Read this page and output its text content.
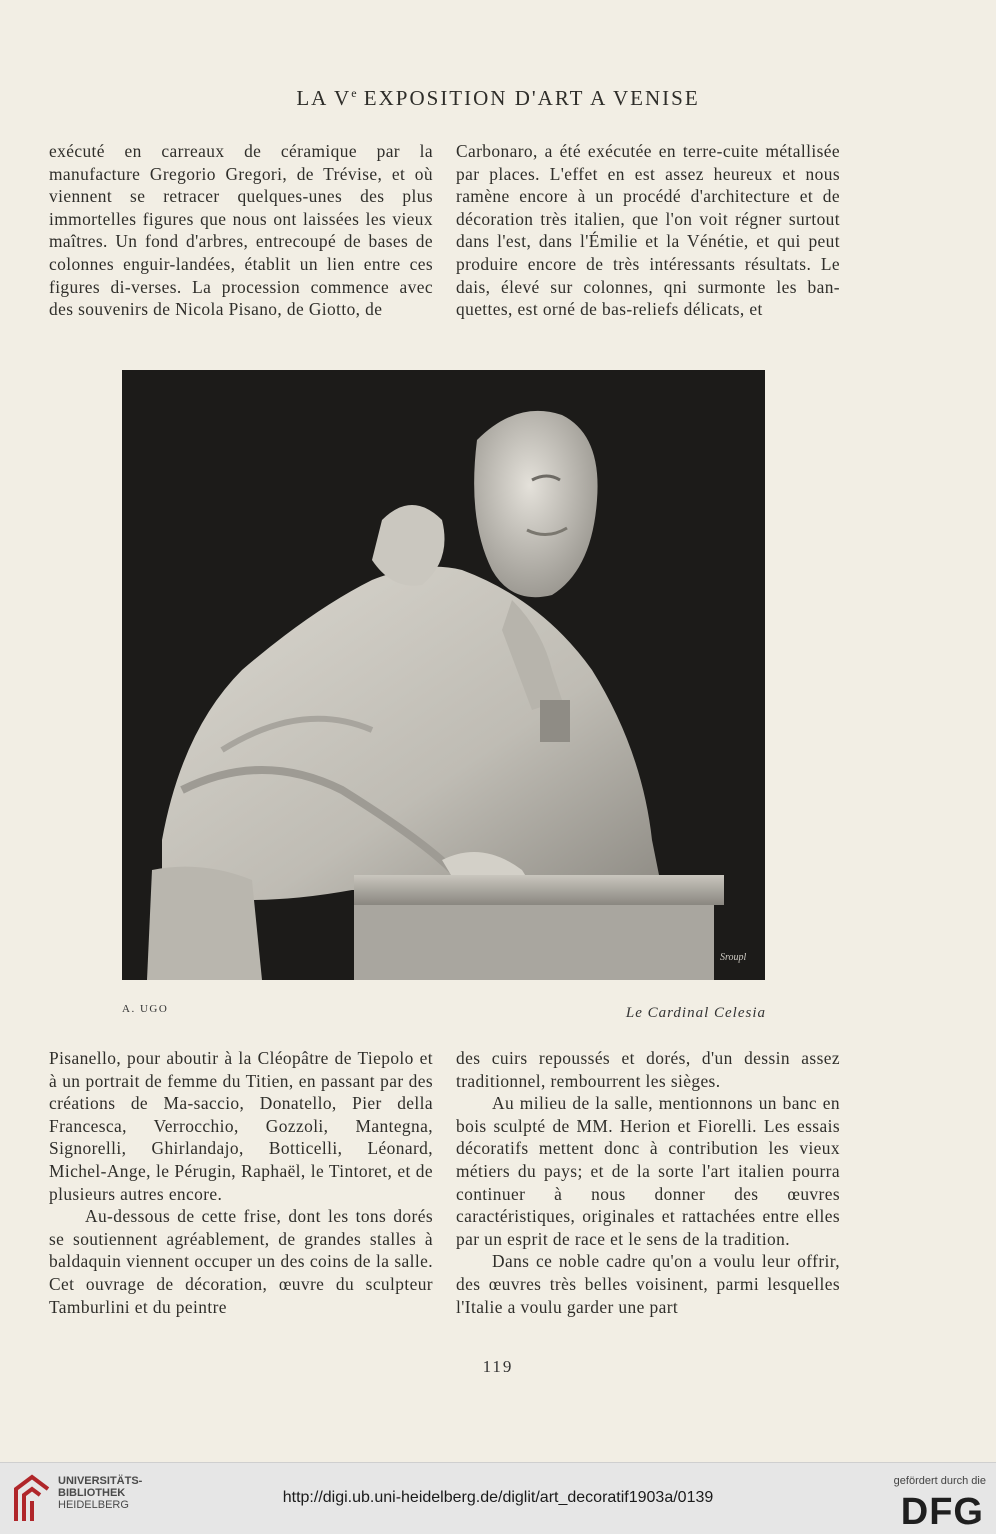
LA Ve EXPOSITION D'ART A VENISE

exécuté en carreaux de céramique par la manufacture Gregorio Gregori, de Trévise, et où viennent se retracer quelques-unes des plus immortelles figures que nous ont laissées les vieux maîtres. Un fond d'arbres, entrecoupé de bases de colonnes enguir-landées, établit un lien entre ces figures di-verses. La procession commence avec des souvenirs de Nicola Pisano, de Giotto, de

Carbonaro, a été exécutée en terre-cuite métallisée par places. L'effet en est assez heureux et nous ramène encore à un procédé d'architecture et de décoration très italien, que l'on voit régner surtout dans l'est, dans l'Émilie et la Vénétie, et qui peut produire encore de très intéressants résultats. Le dais, élevé sur colonnes, qni surmonte les ban-quettes, est orné de bas-reliefs délicats, et

Sroupl
A. UGO	Le Cardinal Celesia

Pisanello, pour aboutir à la Cléopâtre de Tiepolo et à un portrait de femme du Titien, en passant par des créations de Ma-saccio, Donatello, Pier della Francesca, Verrocchio, Gozzoli, Mantegna, Signorelli, Ghirlandajo, Botticelli, Léonard, Michel-Ange, le Pérugin, Raphaël, le Tintoret, et de plusieurs autres encore.

Au-dessous de cette frise, dont les tons dorés se soutiennent agréablement, de grandes stalles à baldaquin viennent occuper un des coins de la salle. Cet ouvrage de décoration, œuvre du sculpteur Tamburlini et du peintre

des cuirs repoussés et dorés, d'un dessin assez traditionnel, rembourrent les sièges.

Au milieu de la salle, mentionnons un banc en bois sculpté de MM. Herion et Fiorelli. Les essais décoratifs mettent donc à contribution les vieux métiers du pays; et de la sorte l'art italien pourra continuer à nous donner des œuvres caractéristiques, originales et rattachées entre elles par un esprit de race et le sens de la tradition.

Dans ce noble cadre qu'on a voulu leur offrir, des œuvres très belles voisinent, parmi lesquelles l'Italie a voulu garder une part

119
UNIVERSITÄTS-
BIBLIOTHEK
HEIDELBERG	http://digi.ub.uni-heidelberg.de/diglit/art_decoratif1903a/0139
gefördert durch die
DFG
